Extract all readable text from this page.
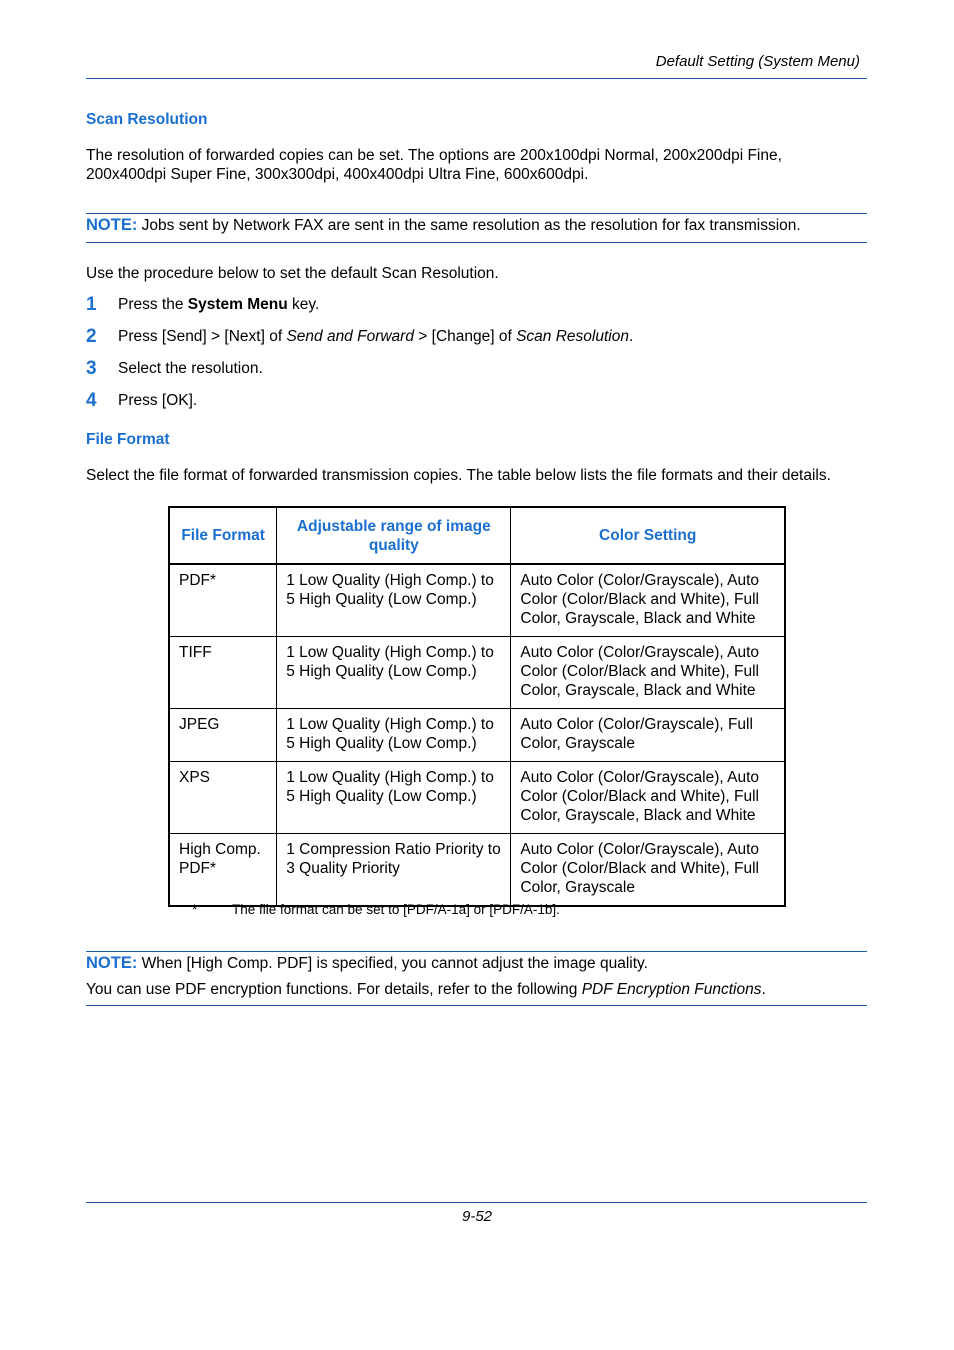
Default Setting (System Menu)
Scan Resolution
The resolution of forwarded copies can be set. The options are 200x100dpi Normal, 200x200dpi Fine,
200x400dpi Super Fine, 300x300dpi, 400x400dpi Ultra Fine, 600x600dpi.
NOTE: Jobs sent by Network FAX are sent in the same resolution as the resolution for fax transmission.
Use the procedure below to set the default Scan Resolution.
1 Press the System Menu key.
2 Press [Send] > [Next] of Send and Forward > [Change] of Scan Resolution.
3 Select the resolution.
4 Press [OK].
File Format
Select the file format of forwarded transmission copies. The table below lists the file formats and their details.
File Format	Adjustable range of image quality	Color Setting
PDF*	1 Low Quality (High Comp.) to 5 High Quality (Low Comp.)	Auto Color (Color/Grayscale), Auto Color (Color/Black and White), Full Color, Grayscale, Black and White
TIFF	1 Low Quality (High Comp.) to 5 High Quality (Low Comp.)	Auto Color (Color/Grayscale), Auto Color (Color/Black and White), Full Color, Grayscale, Black and White
JPEG	1 Low Quality (High Comp.) to 5 High Quality (Low Comp.)	Auto Color (Color/Grayscale), Full Color, Grayscale
XPS	1 Low Quality (High Comp.) to 5 High Quality (Low Comp.)	Auto Color (Color/Grayscale), Auto Color (Color/Black and White), Full Color, Grayscale, Black and White
High Comp. PDF*	1 Compression Ratio Priority to 3 Quality Priority	Auto Color (Color/Grayscale), Auto Color (Color/Black and White), Full Color, Grayscale
*	The file format can be set to [PDF/A-1a] or [PDF/A-1b].
NOTE: When [High Comp. PDF] is specified, you cannot adjust the image quality.
You can use PDF encryption functions. For details, refer to the following PDF Encryption Functions.
9-52
